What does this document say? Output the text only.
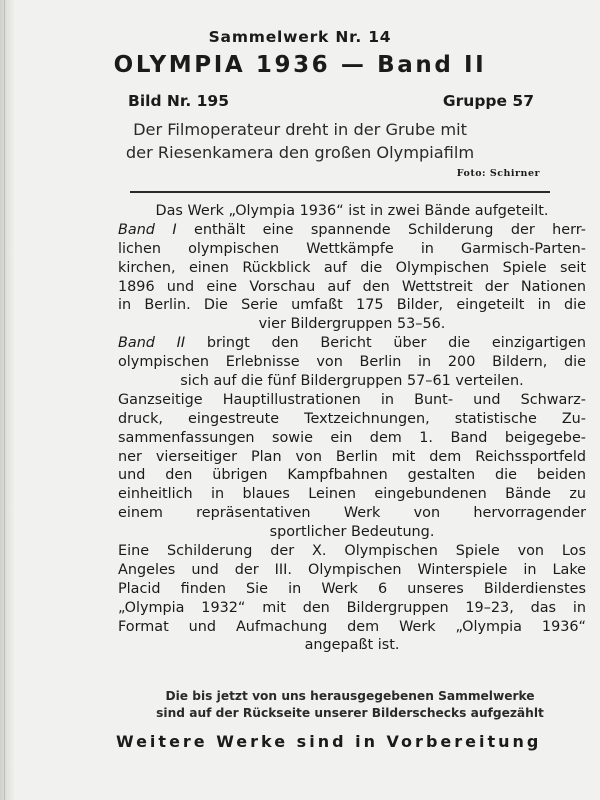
Sammelwerk Nr. 14
OLYMPIA 1936 — Band II
Bild Nr. 195	Gruppe 57
Der Filmoperateur dreht in der Grube mit
der Riesenkamera den großen Olympiafilm
Foto: Schirner
Das Werk „Olympia 1936“ ist in zwei Bände aufgeteilt.
Band I enthält eine spannende Schilderung der herr-
lichen olympischen Wettkämpfe in Garmisch-Parten-
kirchen, einen Rückblick auf die Olympischen Spiele seit
1896 und eine Vorschau auf den Wettstreit der Nationen
in Berlin. Die Serie umfaßt 175 Bilder, eingeteilt in die
vier Bildergruppen 53–56.
Band II bringt den Bericht über die einzigartigen
olympischen Erlebnisse von Berlin in 200 Bildern, die
sich auf die fünf Bildergruppen 57–61 verteilen.
Ganzseitige Hauptillustrationen in Bunt- und Schwarz-
druck, eingestreute Textzeichnungen, statistische Zu-
sammenfassungen sowie ein dem 1. Band beigegebe-
ner vierseitiger Plan von Berlin mit dem Reichssportfeld
und den übrigen Kampfbahnen gestalten die beiden
einheitlich in blaues Leinen eingebundenen Bände zu
einem repräsentativen Werk von hervorragender
sportlicher Bedeutung.
Eine Schilderung der X. Olympischen Spiele von Los
Angeles und der III. Olympischen Winterspiele in Lake
Placid finden Sie in Werk 6 unseres Bilderdienstes
„Olympia 1932“ mit den Bildergruppen 19–23, das in
Format und Aufmachung dem Werk „Olympia 1936“
angepaßt ist.
Die bis jetzt von uns herausgegebenen Sammelwerke
sind auf der Rückseite unserer Bilderschecks aufgezählt
Weitere Werke sind in Vorbereitung
